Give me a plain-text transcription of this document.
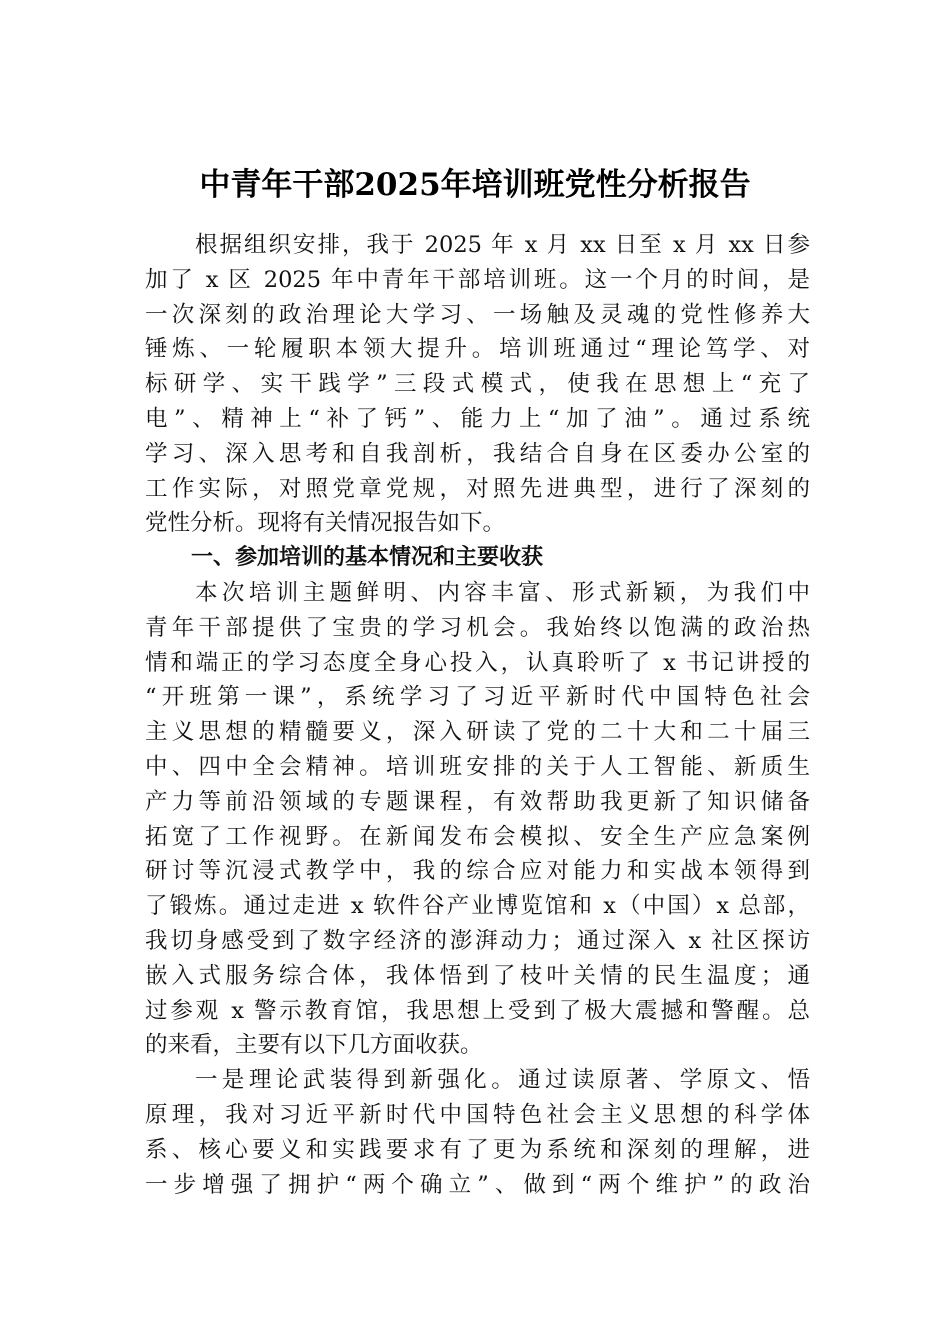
中青年干部2025年培训班党性分析报告
根据组织安排，我于 2025 年 x 月 xx 日至 x 月 xx 日参
加了 x 区 2025 年中青年干部培训班。这一个月的时间，是
一次深刻的政治理论大学习、一场触及灵魂的党性修养大
锤炼、一轮履职本领大提升。培训班通过“理论笃学、对
标研学、实干践学”三段式模式，使我在思想上“充了
电”、精神上“补了钙”、能力上“加了油”。通过系统
学习、深入思考和自我剖析，我结合自身在区委办公室的
工作实际，对照党章党规，对照先进典型，进行了深刻的
党性分析。现将有关情况报告如下。
一、参加培训的基本情况和主要收获
本次培训主题鲜明、内容丰富、形式新颖，为我们中
青年干部提供了宝贵的学习机会。我始终以饱满的政治热
情和端正的学习态度全身心投入，认真聆听了 x 书记讲授的
“开班第一课”，系统学习了习近平新时代中国特色社会
主义思想的精髓要义，深入研读了党的二十大和二十届三
中、四中全会精神。培训班安排的关于人工智能、新质生
产力等前沿领域的专题课程，有效帮助我更新了知识储备
拓宽了工作视野。在新闻发布会模拟、安全生产应急案例
研讨等沉浸式教学中，我的综合应对能力和实战本领得到
了锻炼。通过走进 x 软件谷产业博览馆和 x（中国）x 总部，
我切身感受到了数字经济的澎湃动力；通过深入 x 社区探访
嵌入式服务综合体，我体悟到了枝叶关情的民生温度；通
过参观 x 警示教育馆，我思想上受到了极大震撼和警醒。总
的来看，主要有以下几方面收获。
一是理论武装得到新强化。通过读原著、学原文、悟
原理，我对习近平新时代中国特色社会主义思想的科学体
系、核心要义和实践要求有了更为系统和深刻的理解，进
一步增强了拥护“两个确立”、做到“两个维护”的政治
